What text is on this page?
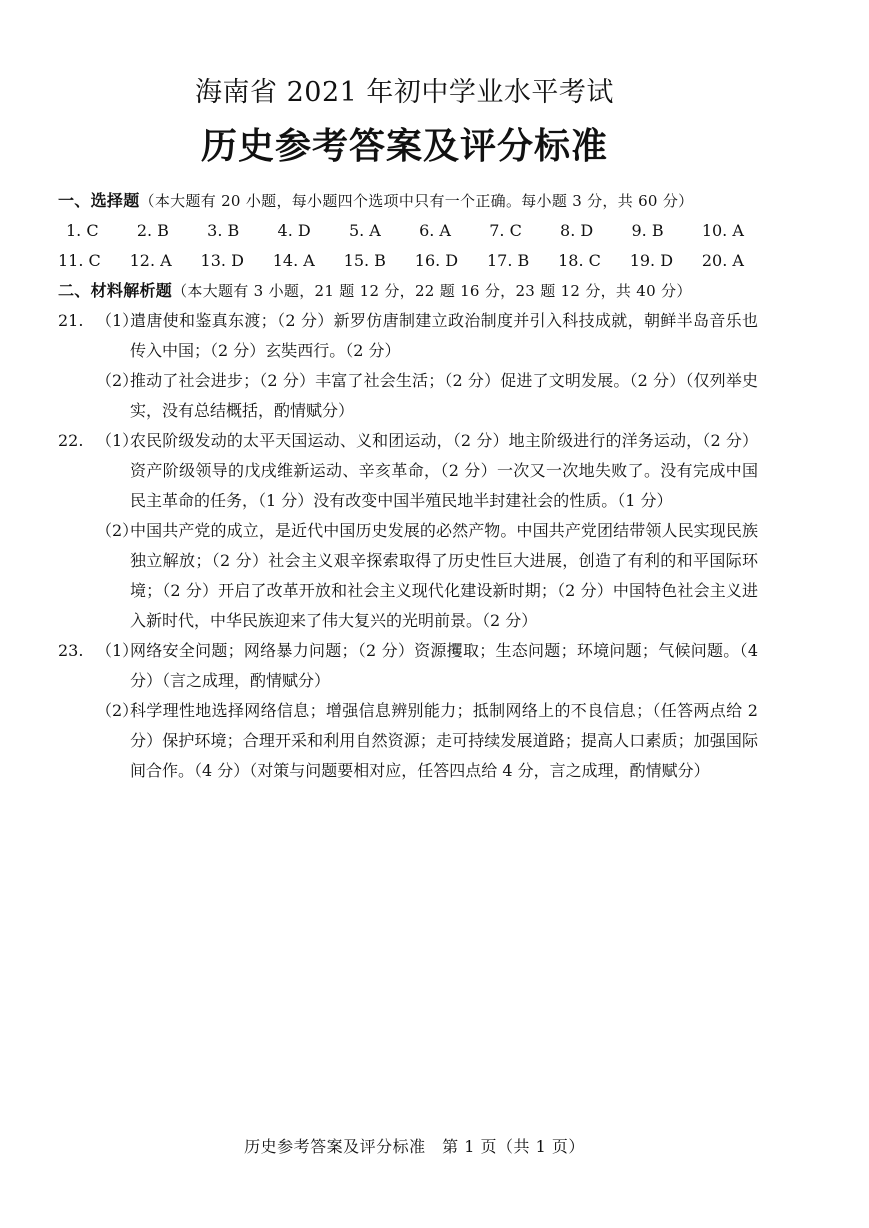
海南省 2021 年初中学业水平考试
历史参考答案及评分标准
一、选择题（本大题有 20 小题，每小题四个选项中只有一个正确。每小题 3 分，共 60 分）
1. C 2. B 3. B 4. D 5. A 6. A 7. C 8. D 9. B 10. A
11. C 12. A 13. D 14. A 15. B 16. D 17. B 18. C 19. D 20. A
二、材料解析题（本大题有 3 小题，21 题 12 分，22 题 16 分，23 题 12 分，共 40 分）
21. （1）
遣唐使和鉴真东渡；（2 分）新罗仿唐制建立政治制度并引入科技成就，朝鲜半岛音乐也传入中国；（2 分）玄奘西行。（2 分）
（2）
推动了社会进步；（2 分）丰富了社会生活；（2 分）促进了文明发展。（2 分）（仅列举史实，没有总结概括，酌情赋分）
22. （1）
农民阶级发动的太平天国运动、义和团运动，（2 分）地主阶级进行的洋务运动，（2 分）资产阶级领导的戊戌维新运动、辛亥革命，（2 分）一次又一次地失败了。没有完成中国民主革命的任务，（1 分）没有改变中国半殖民地半封建社会的性质。（1 分）
（2）
中国共产党的成立，是近代中国历史发展的必然产物。中国共产党团结带领人民实现民族独立解放；（2 分）社会主义艰辛探索取得了历史性巨大进展，创造了有利的和平国际环境；（2 分）开启了改革开放和社会主义现代化建设新时期；（2 分）中国特色社会主义进入新时代，中华民族迎来了伟大复兴的光明前景。（2 分）
23. （1）
网络安全问题；网络暴力问题；（2 分）资源攫取；生态问题；环境问题；气候问题。（4 分）（言之成理，酌情赋分）
（2）
科学理性地选择网络信息；增强信息辨别能力；抵制网络上的不良信息；（任答两点给 2 分）保护环境；合理开采和利用自然资源；走可持续发展道路；提高人口素质；加强国际间合作。（4 分）（对策与问题要相对应，任答四点给 4 分，言之成理，酌情赋分）
历史参考答案及评分标准　第 1 页（共 1 页）
